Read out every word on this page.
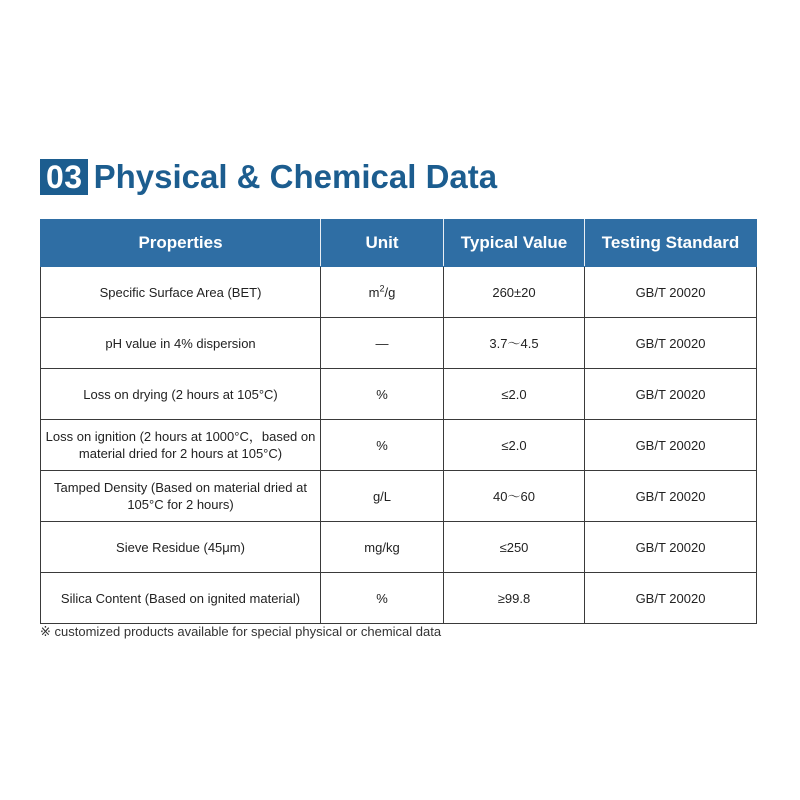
03 Physical & Chemical Data
Properties	Unit	Typical Value	Testing Standard
Specific Surface Area (BET)	$m^2/g$	260±20	GB/T 20020
pH value in 4% dispersion	—	3.7～4.5	GB/T 20020
Loss on drying (2 hours at 105°C)	%	≤2.0	GB/T 20020
Loss on ignition (2 hours at 1000°C，based on material dried for 2 hours at 105°C)	%	≤2.0	GB/T 20020
Tamped Density (Based on material dried at 105°C for 2 hours)	g/L	40～60	GB/T 20020
Sieve Residue (45μm)	mg/kg	≤250	GB/T 20020
Silica Content (Based on ignited material)	%	≥99.8	GB/T 20020
※ customized products available for special physical or chemical data
